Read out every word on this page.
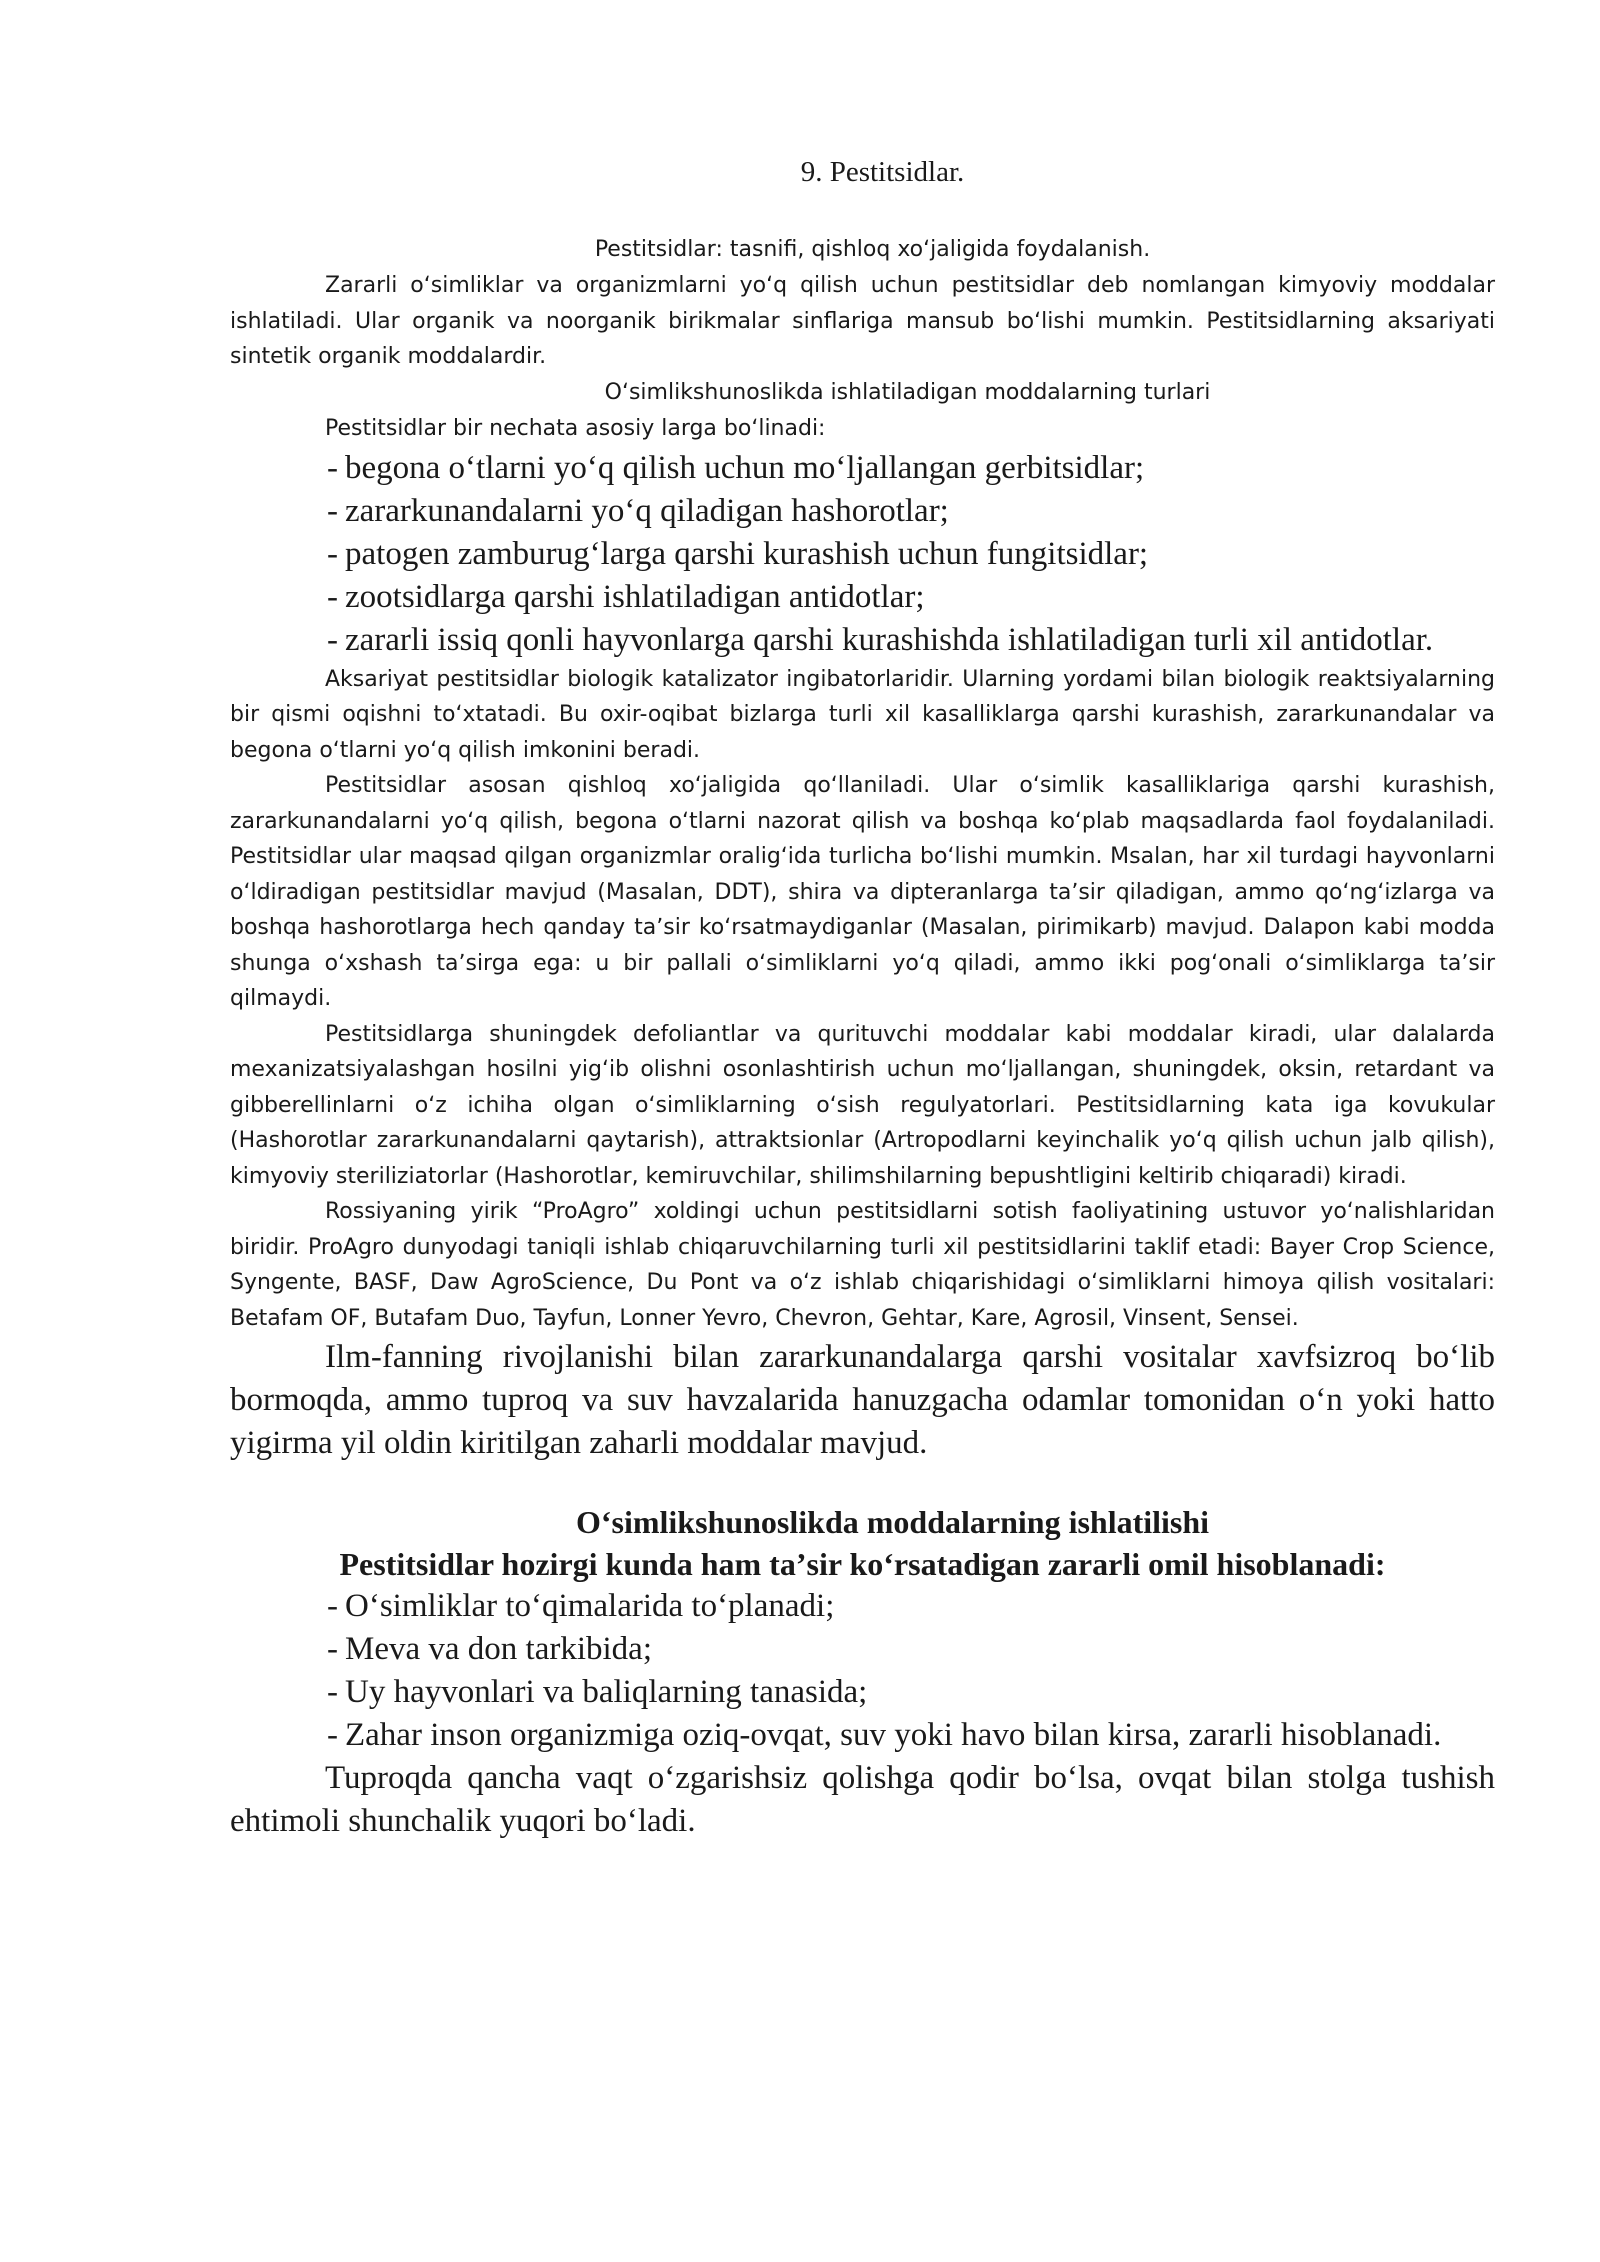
9. Pestitsidlar.
Pestitsidlar: tasnifi, qishloq xoʻjaligida foydalanish.

Zararli oʻsimliklar va organizmlarni yoʻq qilish uchun pestitsidlar deb nomlangan kimyoviy moddalar ishlatiladi. Ular organik va noorganik birikmalar sinflariga mansub boʻlishi mumkin. Pestitsidlarning aksariyati sintetik organik moddalardir.

Oʻsimlikshunoslikda ishlatiladigan moddalarning turlari
Pestitsidlar bir nechata asosiy larga boʻlinadi:
- begona oʻtlarni yoʻq qilish uchun moʻljallangan gerbitsidlar;
- zararkunandalarni yoʻq qiladigan hashorotlar;
- patogen zamburugʻlarga qarshi kurashish uchun fungitsidlar;
- zootsidlarga qarshi ishlatiladigan antidotlar;
- zararli issiq qonli hayvonlarga qarshi kurashishda ishlatiladigan turli xil antidotlar.

Aksariyat pestitsidlar biologik katalizator ingibatorlaridir. Ularning yordami bilan biologik reaktsiyalarning bir qismi oqishni toʻxtatadi. Bu oxir-oqibat bizlarga turli xil kasalliklarga qarshi kurashish, zararkunandalar va begona oʻtlarni yoʻq qilish imkonini beradi.

Pestitsidlar asosan qishloq xoʻjaligida qoʻllaniladi. Ular oʻsimlik kasalliklariga qarshi kurashish, zararkunandalarni yoʻq qilish, begona oʻtlarni nazorat qilish va boshqa koʻplab maqsadlarda faol foydalaniladi. Pestitsidlar ular maqsad qilgan organizmlar oraligʻida turlicha boʻlishi mumkin. Msalan, har xil turdagi hayvonlarni oʻldiradigan pestitsidlar mavjud (Masalan, DDT), shira va dipteranlarga taʼsir qiladigan, ammo qoʻngʻizlarga va boshqa hashorotlarga hech qanday taʼsir koʻrsatmaydiganlar (Masalan, pirimikarb) mavjud. Dalapon kabi modda shunga oʻxshash taʼsirga ega: u bir pallali oʻsimliklarni yoʻq qiladi, ammo ikki pogʻonali oʻsimliklarga taʼsir qilmaydi.

Pestitsidlarga shuningdek defoliantlar va qurituvchi moddalar kabi moddalar kiradi, ular dalalarda mexanizatsiyalashgan hosilni yigʻib olishni osonlashtirish uchun moʻljallangan, shuningdek, oksin, retardant va gibberellinlarni oʻz ichiha olgan oʻsimliklarning oʻsish regulyatorlari. Pestitsidlarning kata iga kovukular (Hashorotlar zararkunandalarni qaytarish), attraktsionlar (Artropodlarni keyinchalik yoʻq qilish uchun jalb qilish), kimyoviy steriliziatorlar (Hashorotlar, kemiruvchilar, shilimshilarning bepushtligini keltirib chiqaradi) kiradi.

Rossiyaning yirik “ProAgro” xoldingi uchun pestitsidlarni sotish faoliyatining ustuvor yoʻnalishlaridan biridir. ProAgro dunyodagi taniqli ishlab chiqaruvchilarning turli xil pestitsidlarini taklif etadi: Bayer Crop Science, Syngente, BASF, Daw AgroScience, Du Pont va oʻz ishlab chiqarishidagi oʻsimliklarni himoya qilish vositalari: Betafam OF, Butafam Duo, Tayfun, Lonner Yevro, Chevron, Gehtar, Kare, Agrosil, Vinsent, Sensei.

Ilm-fanning rivojlanishi bilan zararkunandalarga qarshi vositalar xavfsizroq boʻlib bormoqda, ammo tuproq va suv havzalarida hanuzgacha odamlar tomonidan oʻn yoki hatto yigirma yil oldin kiritilgan zaharli moddalar mavjud.

Oʻsimlikshunoslikda moddalarning ishlatilishi

Pestitsidlar hozirgi kunda ham taʼsir koʻrsatadigan zararli omil hisoblanadi:

- Oʻsimliklar toʻqimalarida toʻplanadi;
- Meva va don tarkibida;
- Uy hayvonlari va baliqlarning tanasida;
- Zahar inson organizmiga oziq-ovqat, suv yoki havo bilan kirsa, zararli hisoblanadi.

Tuproqda qancha vaqt oʻzgarishsiz qolishga qodir boʻlsa, ovqat bilan stolga tushish ehtimoli shunchalik yuqori boʻladi.
